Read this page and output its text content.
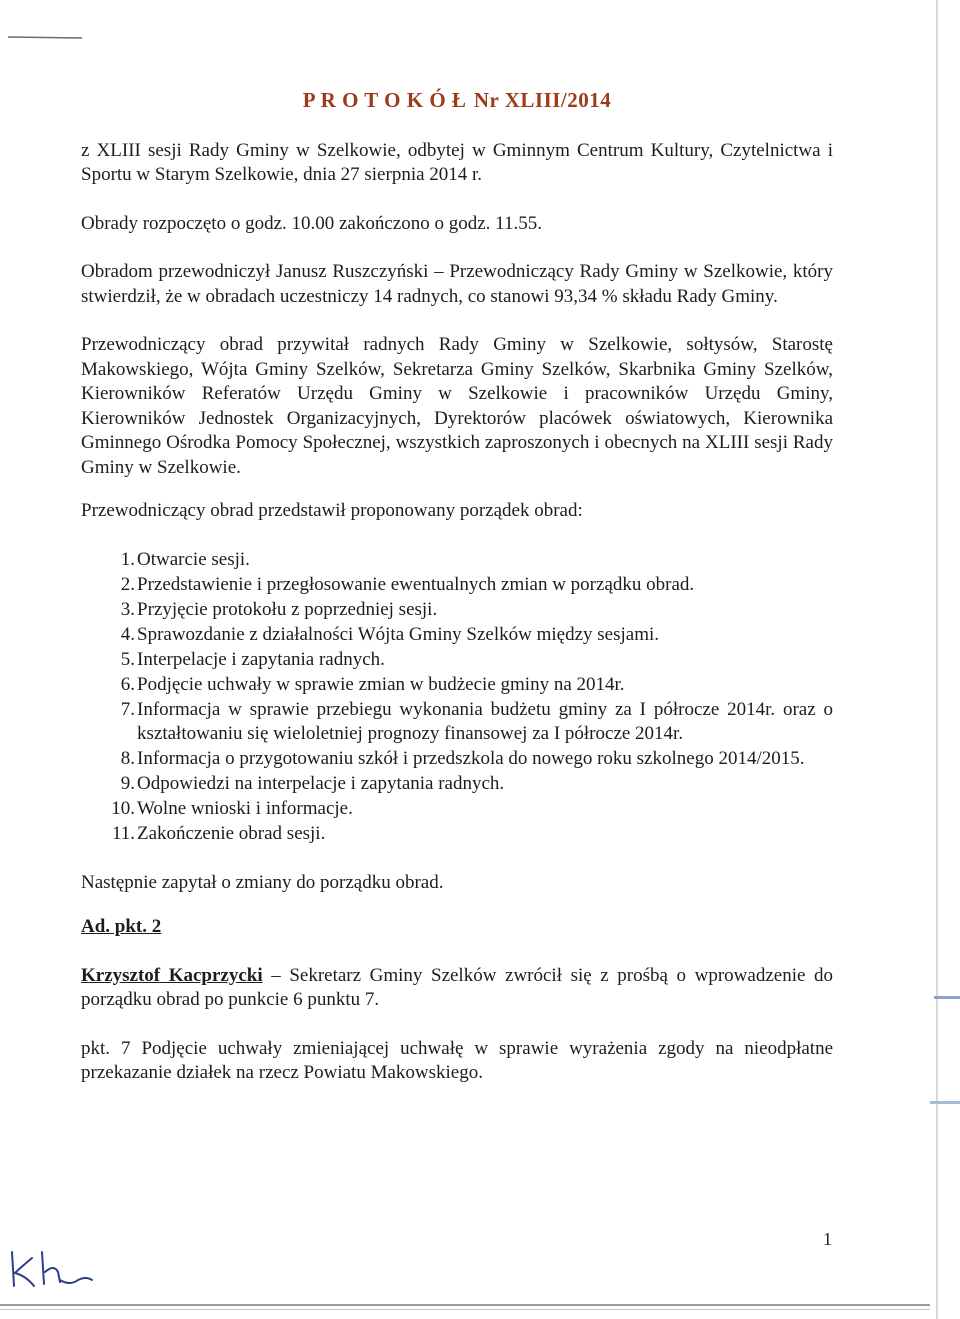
P R O T O K Ó Ł Nr XLIII/2014

z XLIII sesji Rady Gminy w Szelkowie, odbytej w Gminnym Centrum Kultury, Czytelnictwa i Sportu w Starym Szelkowie, dnia 27 sierpnia 2014 r.

Obrady rozpoczęto o godz. 10.00 zakończono o godz. 11.55.

Obradom przewodniczył Janusz Ruszczyński – Przewodniczący Rady Gminy w Szelkowie, który stwierdził, że w obradach uczestniczy 14 radnych, co stanowi 93,34 % składu Rady Gminy.

Przewodniczący obrad przywitał radnych Rady Gminy w Szelkowie, sołtysów, Starostę Makowskiego, Wójta Gminy Szelków, Sekretarza Gminy Szelków, Skarbnika Gminy Szelków, Kierowników Referatów Urzędu Gminy w Szelkowie i pracowników Urzędu Gminy, Kierowników Jednostek Organizacyjnych, Dyrektorów placówek oświatowych, Kierownika Gminnego Ośrodka Pomocy Społecznej, wszystkich zaproszonych i obecnych na XLIII sesji Rady Gminy w Szelkowie.

Przewodniczący obrad przedstawił proponowany porządek obrad:

1. Otwarcie sesji.
2. Przedstawienie i przegłosowanie ewentualnych zmian w porządku obrad.
3. Przyjęcie protokołu z poprzedniej sesji.
4. Sprawozdanie z działalności Wójta Gminy Szelków między sesjami.
5. Interpelacje i zapytania radnych.
6. Podjęcie uchwały w sprawie zmian w budżecie gminy na 2014r.
7. Informacja w sprawie przebiegu wykonania budżetu gminy za I półrocze 2014r. oraz o kształtowaniu się wieloletniej prognozy finansowej za I półrocze 2014r.
8. Informacja o przygotowaniu szkół i przedszkola do nowego roku szkolnego 2014/2015.
9. Odpowiedzi na interpelacje i zapytania radnych.
10. Wolne wnioski i informacje.
11. Zakończenie obrad sesji.

Następnie zapytał o zmiany do porządku obrad.

Ad. pkt. 2

Krzysztof Kacprzycki – Sekretarz Gminy Szelków zwrócił się z prośbą o wprowadzenie do porządku obrad po punkcie 6 punktu 7.

pkt. 7 Podjęcie uchwały zmieniającej uchwałę w sprawie wyrażenia zgody na nieodpłatne przekazanie działek na rzecz Powiatu Makowskiego.

1
